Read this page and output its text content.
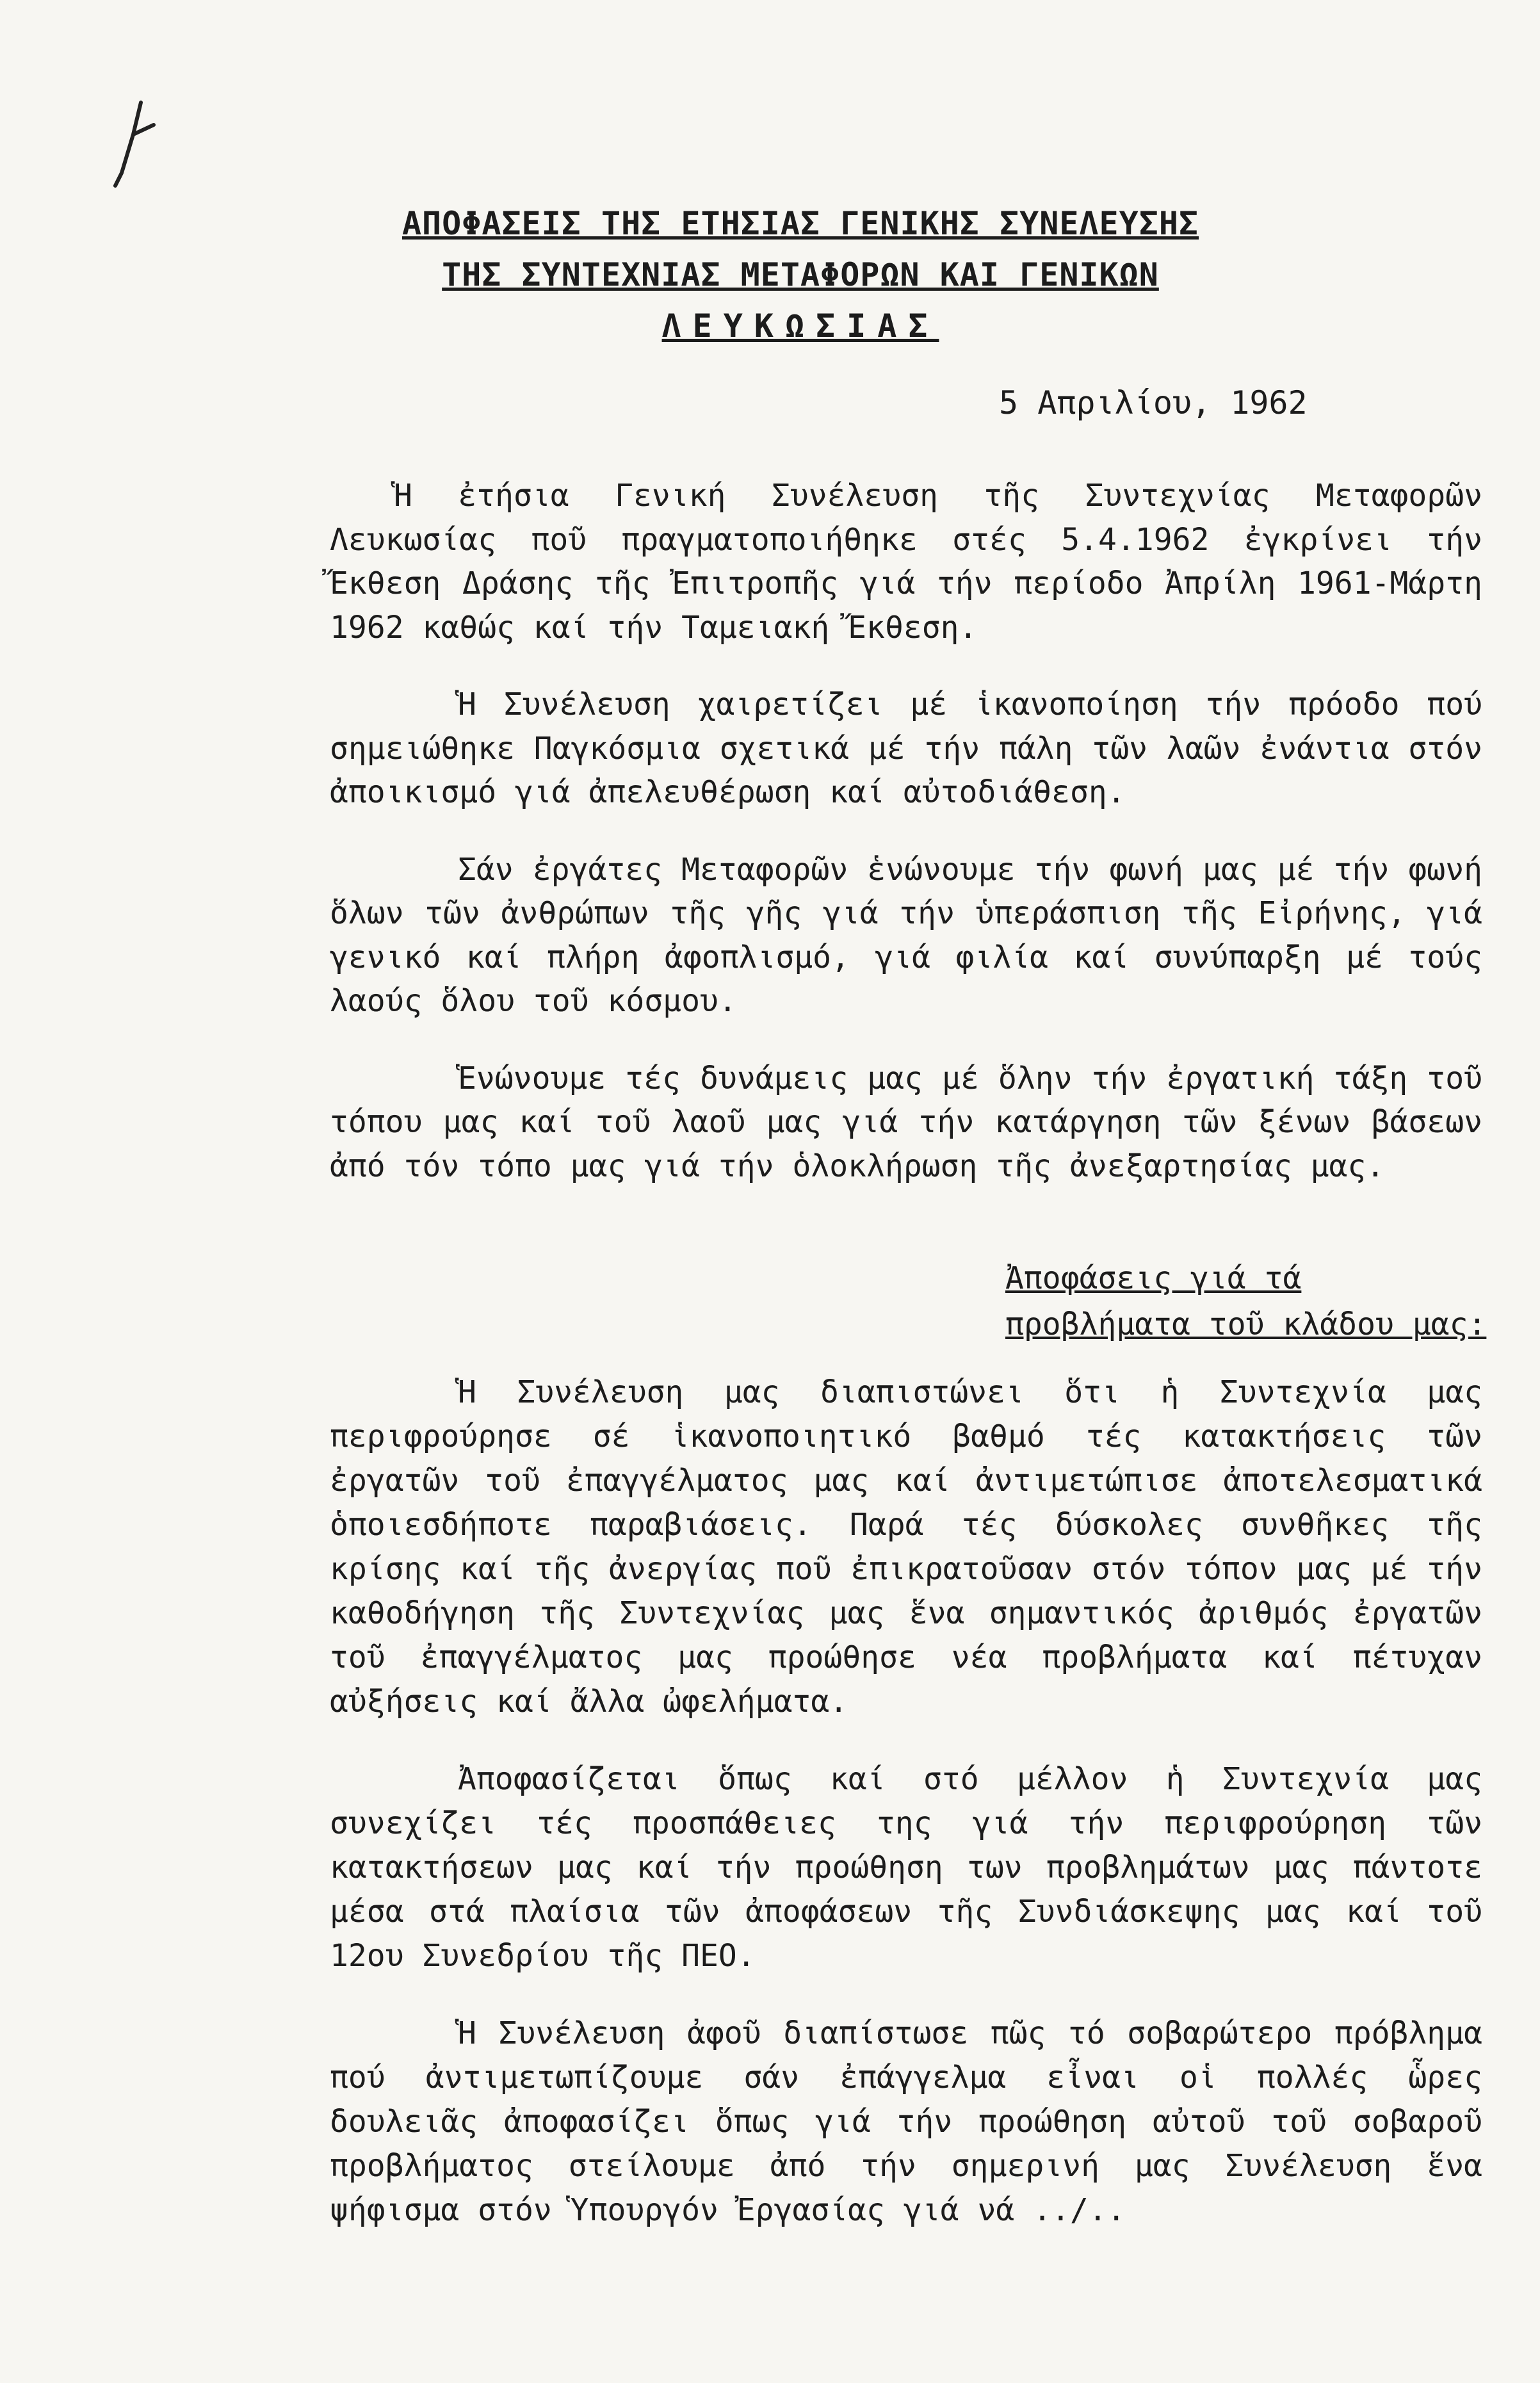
ΑΠΟΦΑΣΕΙΣ ΤΗΣ ΕΤΗΣΙΑΣ ΓΕΝΙΚΗΣ ΣΥΝΕΛΕΥΣΗΣ
ΤΗΣ ΣΥΝΤΕΧΝΙΑΣ ΜΕΤΑΦΟΡΩΝ ΚΑΙ ΓΕΝΙΚΩΝ
ΛΕΥΚΩΣΙΑΣ
5 Απριλίου, 1962

Ἡ ἐτήσια Γενική Συνέλευση τῆς Συντεχνίας Μεταφορῶν Λευκωσίας ποῦ πραγματοποιήθηκε στές 5.4.1962 ἐγκρίνει τήν Ἔκθεση Δράσης τῆς Ἐπιτροπῆς γιά τήν περίοδο Ἀπρίλη 1961-Μάρτη 1962 καθώς καί τήν Ταμειακή Ἔκθεση.

Ἡ Συνέλευση χαιρετίζει μέ ἱκανοποίηση τήν πρόοδο πού σημειώθηκε Παγκόσμια σχετικά μέ τήν πάλη τῶν λαῶν ἐνάντια στόν ἀποικισμό γιά ἀπελευθέρωση καί αὐτοδιάθεση.

Σάν ἐργάτες Μεταφορῶν ἑνώνουμε τήν φωνή μας μέ τήν φωνή ὅλων τῶν ἀνθρώπων τῆς γῆς γιά τήν ὑπεράσπιση τῆς Εἰρήνης, γιά γενικό καί πλήρη ἀφοπλισμό, γιά φιλία καί συνύπαρξη μέ τούς λαούς ὅλου τοῦ κόσμου.

Ἑνώνουμε τές δυνάμεις μας μέ ὅλην τήν ἐργατική τάξη τοῦ τόπου μας καί τοῦ λαοῦ μας γιά τήν κατάργηση τῶν ξένων βάσεων ἀπό τόν τόπο μας γιά τήν ὁλοκλήρωση τῆς ἀνεξαρτησίας μας.

Ἀποφάσεις γιά τά προβλήματα τοῦ κλάδου μας:

Ἡ Συνέλευση μας διαπιστώνει ὅτι ἡ Συντεχνία μας περιφρούρησε σέ ἱκανοποιητικό βαθμό τές κατακτήσεις τῶν ἐργατῶν τοῦ ἐπαγγέλματος μας καί ἀντιμετώπισε ἀποτελεσματικά ὁποιεσδήποτε παραβιάσεις. Παρά τές δύσκολες συνθῆκες τῆς κρίσης καί τῆς ἀνεργίας ποῦ ἐπικρατοῦσαν στόν τόπον μας μέ τήν καθοδήγηση τῆς Συντεχνίας μας ἕνα σημαντικός ἀριθμός ἐργατῶν τοῦ ἐπαγγέλματος μας προώθησε νέα προβλήματα καί πέτυχαν αὐξήσεις καί ἄλλα ὠφελήματα.

Ἀποφασίζεται ὅπως καί στό μέλλον ἡ Συντεχνία μας συνεχίζει τές προσπάθειες της γιά τήν περιφρούρηση τῶν κατακτήσεων μας καί τήν προώθηση των προβλημάτων μας πάντοτε μέσα στά πλαίσια τῶν ἀποφάσεων τῆς Συνδιάσκεψης μας καί τοῦ 12ου Συνεδρίου τῆς ΠΕΟ.

Ἡ Συνέλευση ἀφοῦ διαπίστωσε πῶς τό σοβαρώτερο πρόβλημα πού ἀντιμετωπίζουμε σάν ἐπάγγελμα εἶναι οἱ πολλές ὧρες δουλειᾶς ἀποφασίζει ὅπως γιά τήν προώθηση αὐτοῦ τοῦ σοβαροῦ προβλήματος στείλουμε ἀπό τήν σημερινή μας Συνέλευση ἕνα ψήφισμα στόν Ὑπουργόν Ἐργασίας γιά νά ../..
